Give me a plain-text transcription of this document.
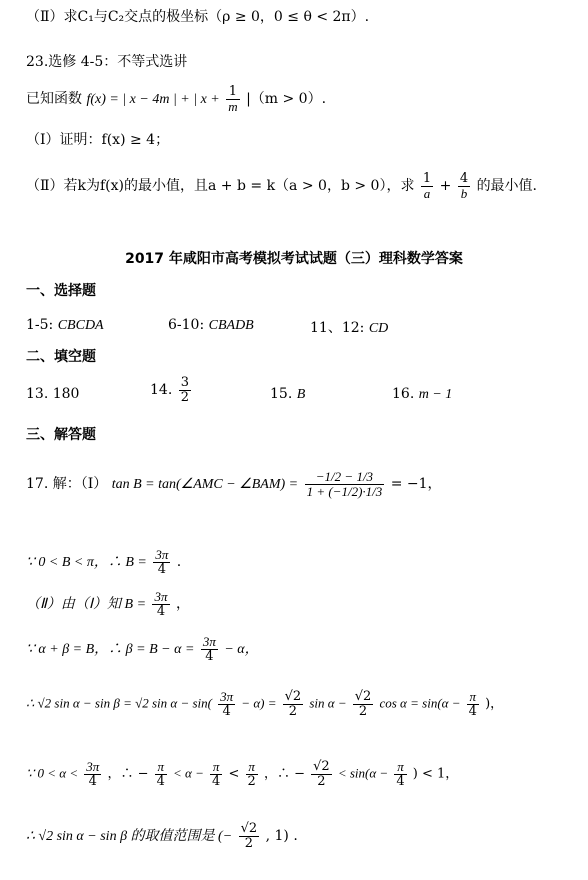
（Ⅱ）求C₁与C₂交点的极坐标（ρ ≥ 0，0 ≤ θ < 2π）.
23.选修 4-5：不等式选讲
已知函数 f(x) = | x − 4m | + | $x + \frac{1}{m} |(m > 0)$.
（Ⅰ）证明：f(x) ≥ 4；
（Ⅱ）若k为f(x)的最小值，且a + b = k（a > 0，b > 0），求 $\frac{1}{a} + \frac{4}{b}$ 的最小值.
2017 年咸阳市高考模拟考试试题（三）理科数学答案
一、选择题
1-5: CBCDA	6-10: CBADB	11、12: CD
二、填空题
13. 180	14. $\frac{3}{2}$	15. B	16. m − 1
三、解答题
17. 解：（Ⅰ） tan B = tan(∠AMC − ∠BAM) = $\frac{-1/2 - 1/3}{1 + (-1/2)\cdot 1/3} = -1$，
∵ 0 < B < π，∴ $B = \frac{3\pi}{4}$ .
（Ⅱ）由（Ⅰ）知 $B = \frac{3\pi}{4}$ ，
∵ α + β = B，∴ $\beta = B - \alpha = \frac{3\pi}{4} - \alpha$，
∴ √2 sin α − sin β = √2 $\sin \alpha - \sin( \frac{3\pi}{4} - \alpha) = \frac{√2}{2}$ $\sin \alpha - \frac{√2}{2}$ $\cos \alpha = \sin(\alpha - \frac{\pi}{4}$ )，
∵ $0 < \alpha < \frac{3\pi}{4}$ ，∴ − $\frac{\pi}{4} < \alpha - \frac{\pi}{4} < \frac{\pi}{2}$ ，∴ − $\frac{√2}{2} < \sin(\alpha - \frac{\pi}{4}$ ) < 1，
∴ √2 sin α − sin β 的取值范围是 (− $\frac{√2}{2}$ , 1) .
